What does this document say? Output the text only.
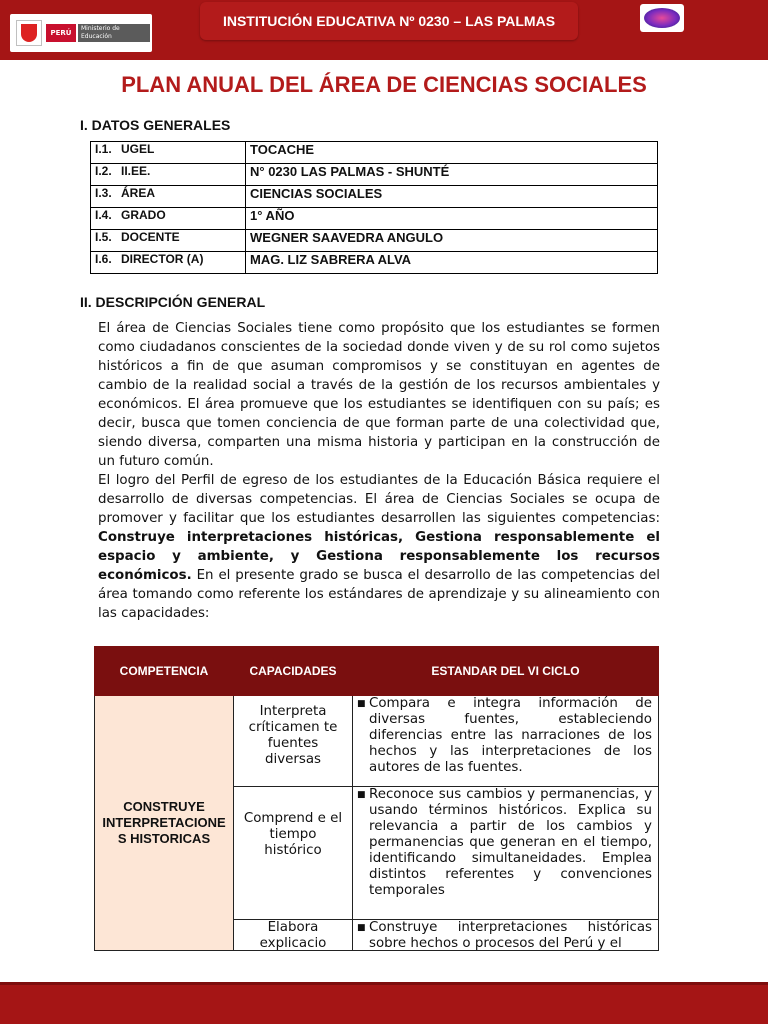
PERÚ
Ministerio de Educación
INSTITUCIÓN EDUCATIVA Nº 0230 – LAS PALMAS
PLAN ANUAL DEL ÁREA DE CIENCIAS SOCIALES
I. DATOS GENERALES
I.1. UGEL	TOCACHE
I.2. II.EE.	N° 0230 LAS PALMAS - SHUNTÉ
I.3. ÁREA	CIENCIAS SOCIALES
I.4. GRADO	1° AÑO
I.5. DOCENTE	WEGNER SAAVEDRA ANGULO
I.6. DIRECTOR (A)	MAG. LIZ SABRERA ALVA
II. DESCRIPCIÓN GENERAL

El área de Ciencias Sociales tiene como propósito que los estudiantes se formen como ciudadanos conscientes de la sociedad donde viven y de su rol como sujetos históricos a fin de que asuman compromisos y se constituyan en agentes de cambio de la realidad social a través de la gestión de los recursos ambientales y económicos. El área promueve que los estudiantes se identifiquen con su país; es decir, busca que tomen conciencia de que forman parte de una colectividad que, siendo diversa, comparten una misma historia y participan en la construcción de un futuro común.

El logro del Perfil de egreso de los estudiantes de la Educación Básica requiere el desarrollo de diversas competencias. El área de Ciencias Sociales se ocupa de promover y facilitar que los estudiantes desarrollen las siguientes competencias: Construye interpretaciones históricas, Gestiona responsablemente el espacio y ambiente, y Gestiona responsablemente los recursos económicos. En el presente grado se busca el desarrollo de las competencias del área tomando como referente los estándares de aprendizaje y su alineamiento con las capacidades:

COMPETENCIA	CAPACIDADES	ESTANDAR DEL VI CICLO
CONSTRUYE INTERPRETACIONE S HISTORICAS	Interpreta críticamen te fuentes diversas	■ Compara e integra información de diversas fuentes, estableciendo diferencias entre las narraciones de los hechos y las interpretaciones de los autores de las fuentes.

	Comprend e el tiempo histórico	■ Reconoce sus cambios y permanencias, y usando términos históricos. Explica su relevancia a partir de los cambios y permanencias que generan en el tiempo, identificando simultaneidades. Emplea distintos referentes y convenciones temporales

	Elabora explicacio	■ Construye interpretaciones históricas sobre hechos o procesos del Perú y el
